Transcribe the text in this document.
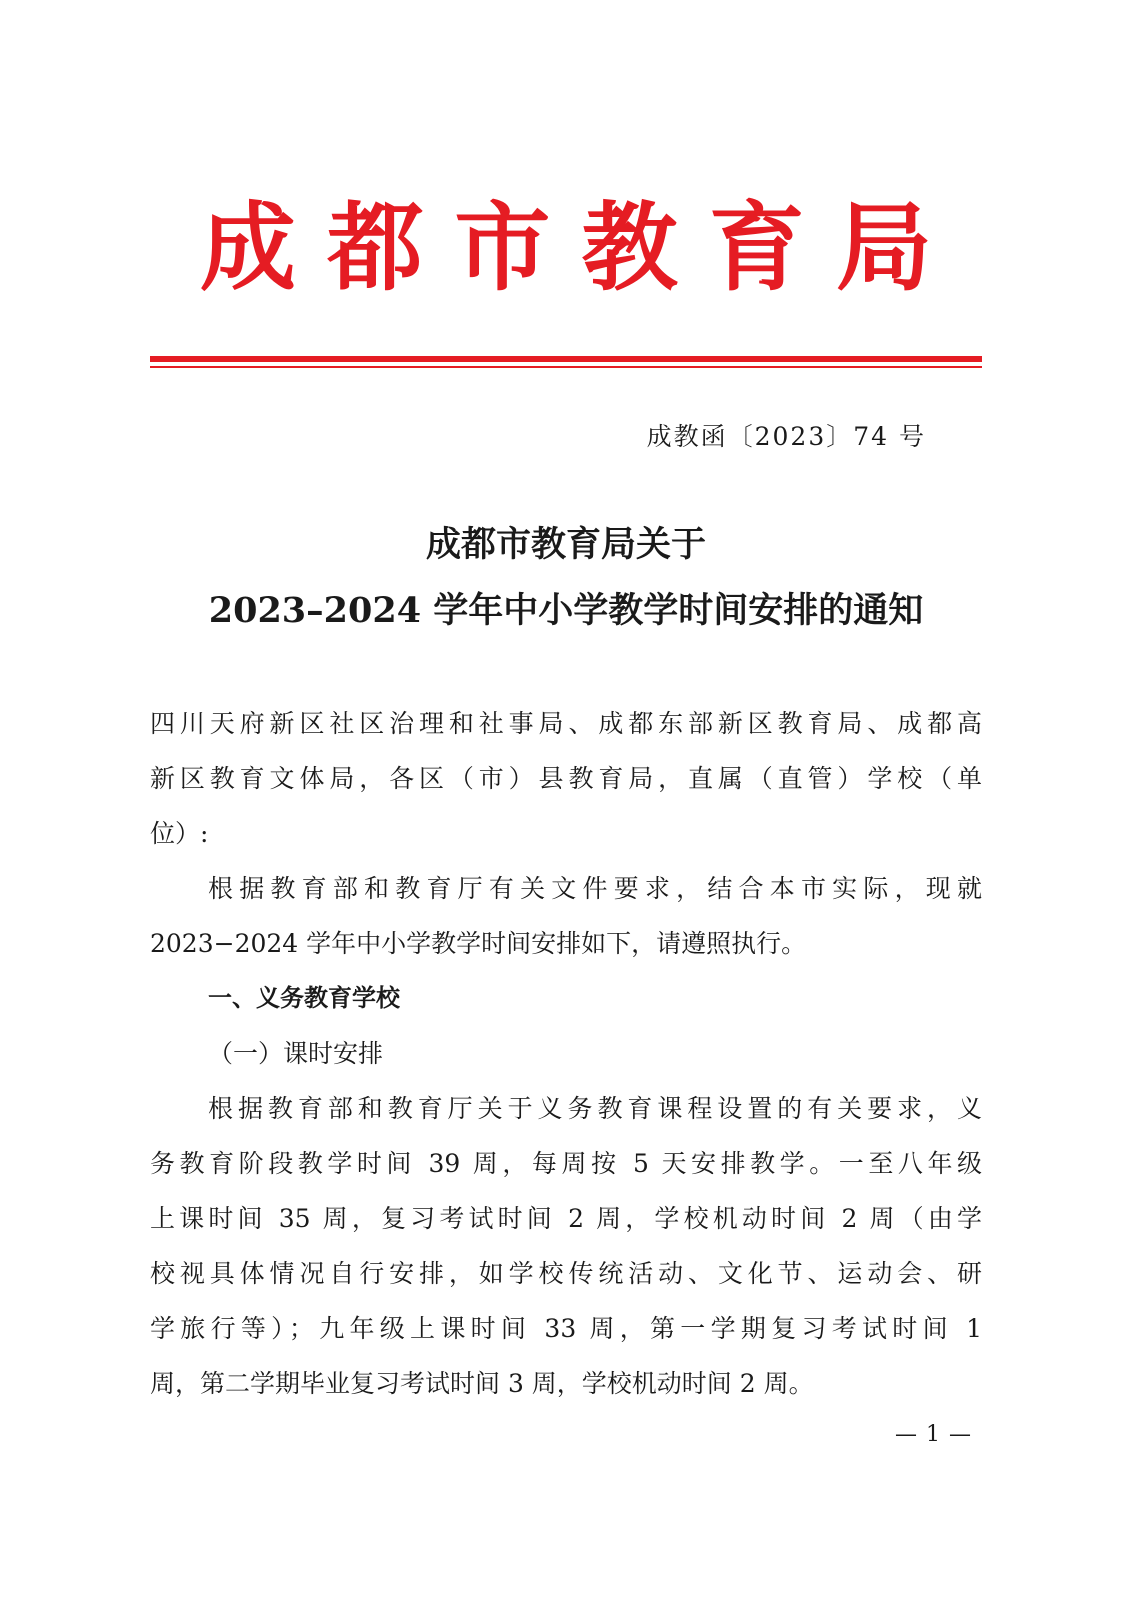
成 都 市 教 育 局
成教函〔2023〕74 号
成都市教育局关于
2023–2024 学年中小学教学时间安排的通知
四川天府新区社区治理和社事局、成都东部新区教育局、成都高
新区教育文体局，各区（市）县教育局，直属（直管）学校（单
位）:
根据教育部和教育厅有关文件要求，结合本市实际，现就
2023−2024 学年中小学教学时间安排如下，请遵照执行。
一、义务教育学校
（一）课时安排
根据教育部和教育厅关于义务教育课程设置的有关要求，义
务教育阶段教学时间 39 周，每周按 5 天安排教学。一至八年级
上课时间 35 周，复习考试时间 2 周，学校机动时间 2 周（由学
校视具体情况自行安排，如学校传统活动、文化节、运动会、研
学旅行等）；九年级上课时间 33 周，第一学期复习考试时间 1
周，第二学期毕业复习考试时间 3 周，学校机动时间 2 周。
— 1 —
